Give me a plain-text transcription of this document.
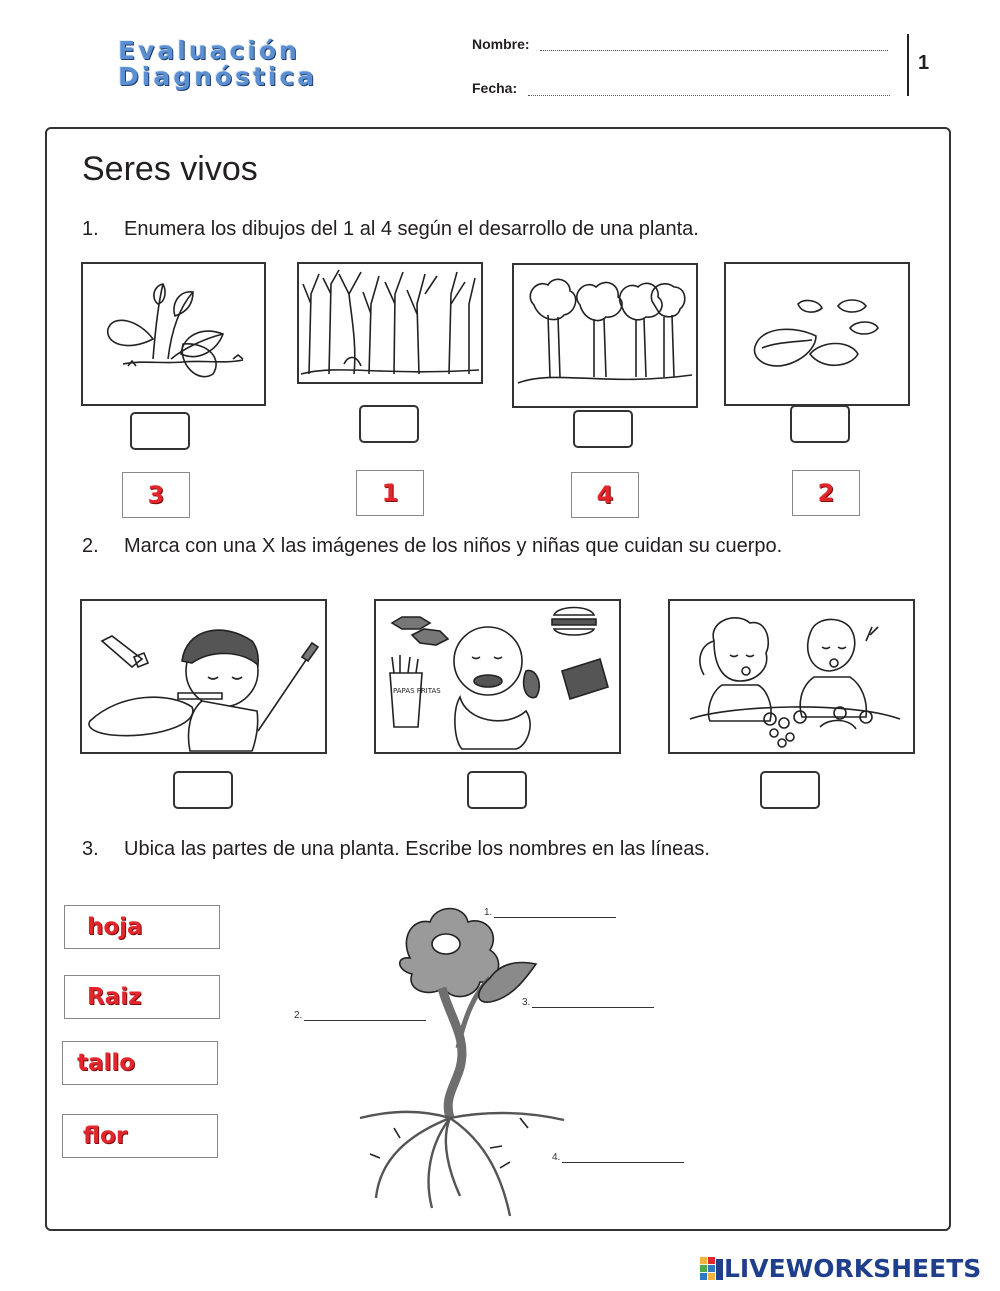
Evaluación
Diagnóstica
Nombre:
Fecha:
1
Seres vivos
1. Enumera los dibujos del 1 al 4 según el desarrollo de una planta.
3	1	4	2
2. Marca con una X las imágenes de los niños y niñas que cuidan su cuerpo.
PAPAS FRITAS
3. Ubica las partes de una planta. Escribe los nombres en las líneas.
hoja
Raiz
tallo
flor
1.
2.
3.
4.
LIVEWORKSHEETS
